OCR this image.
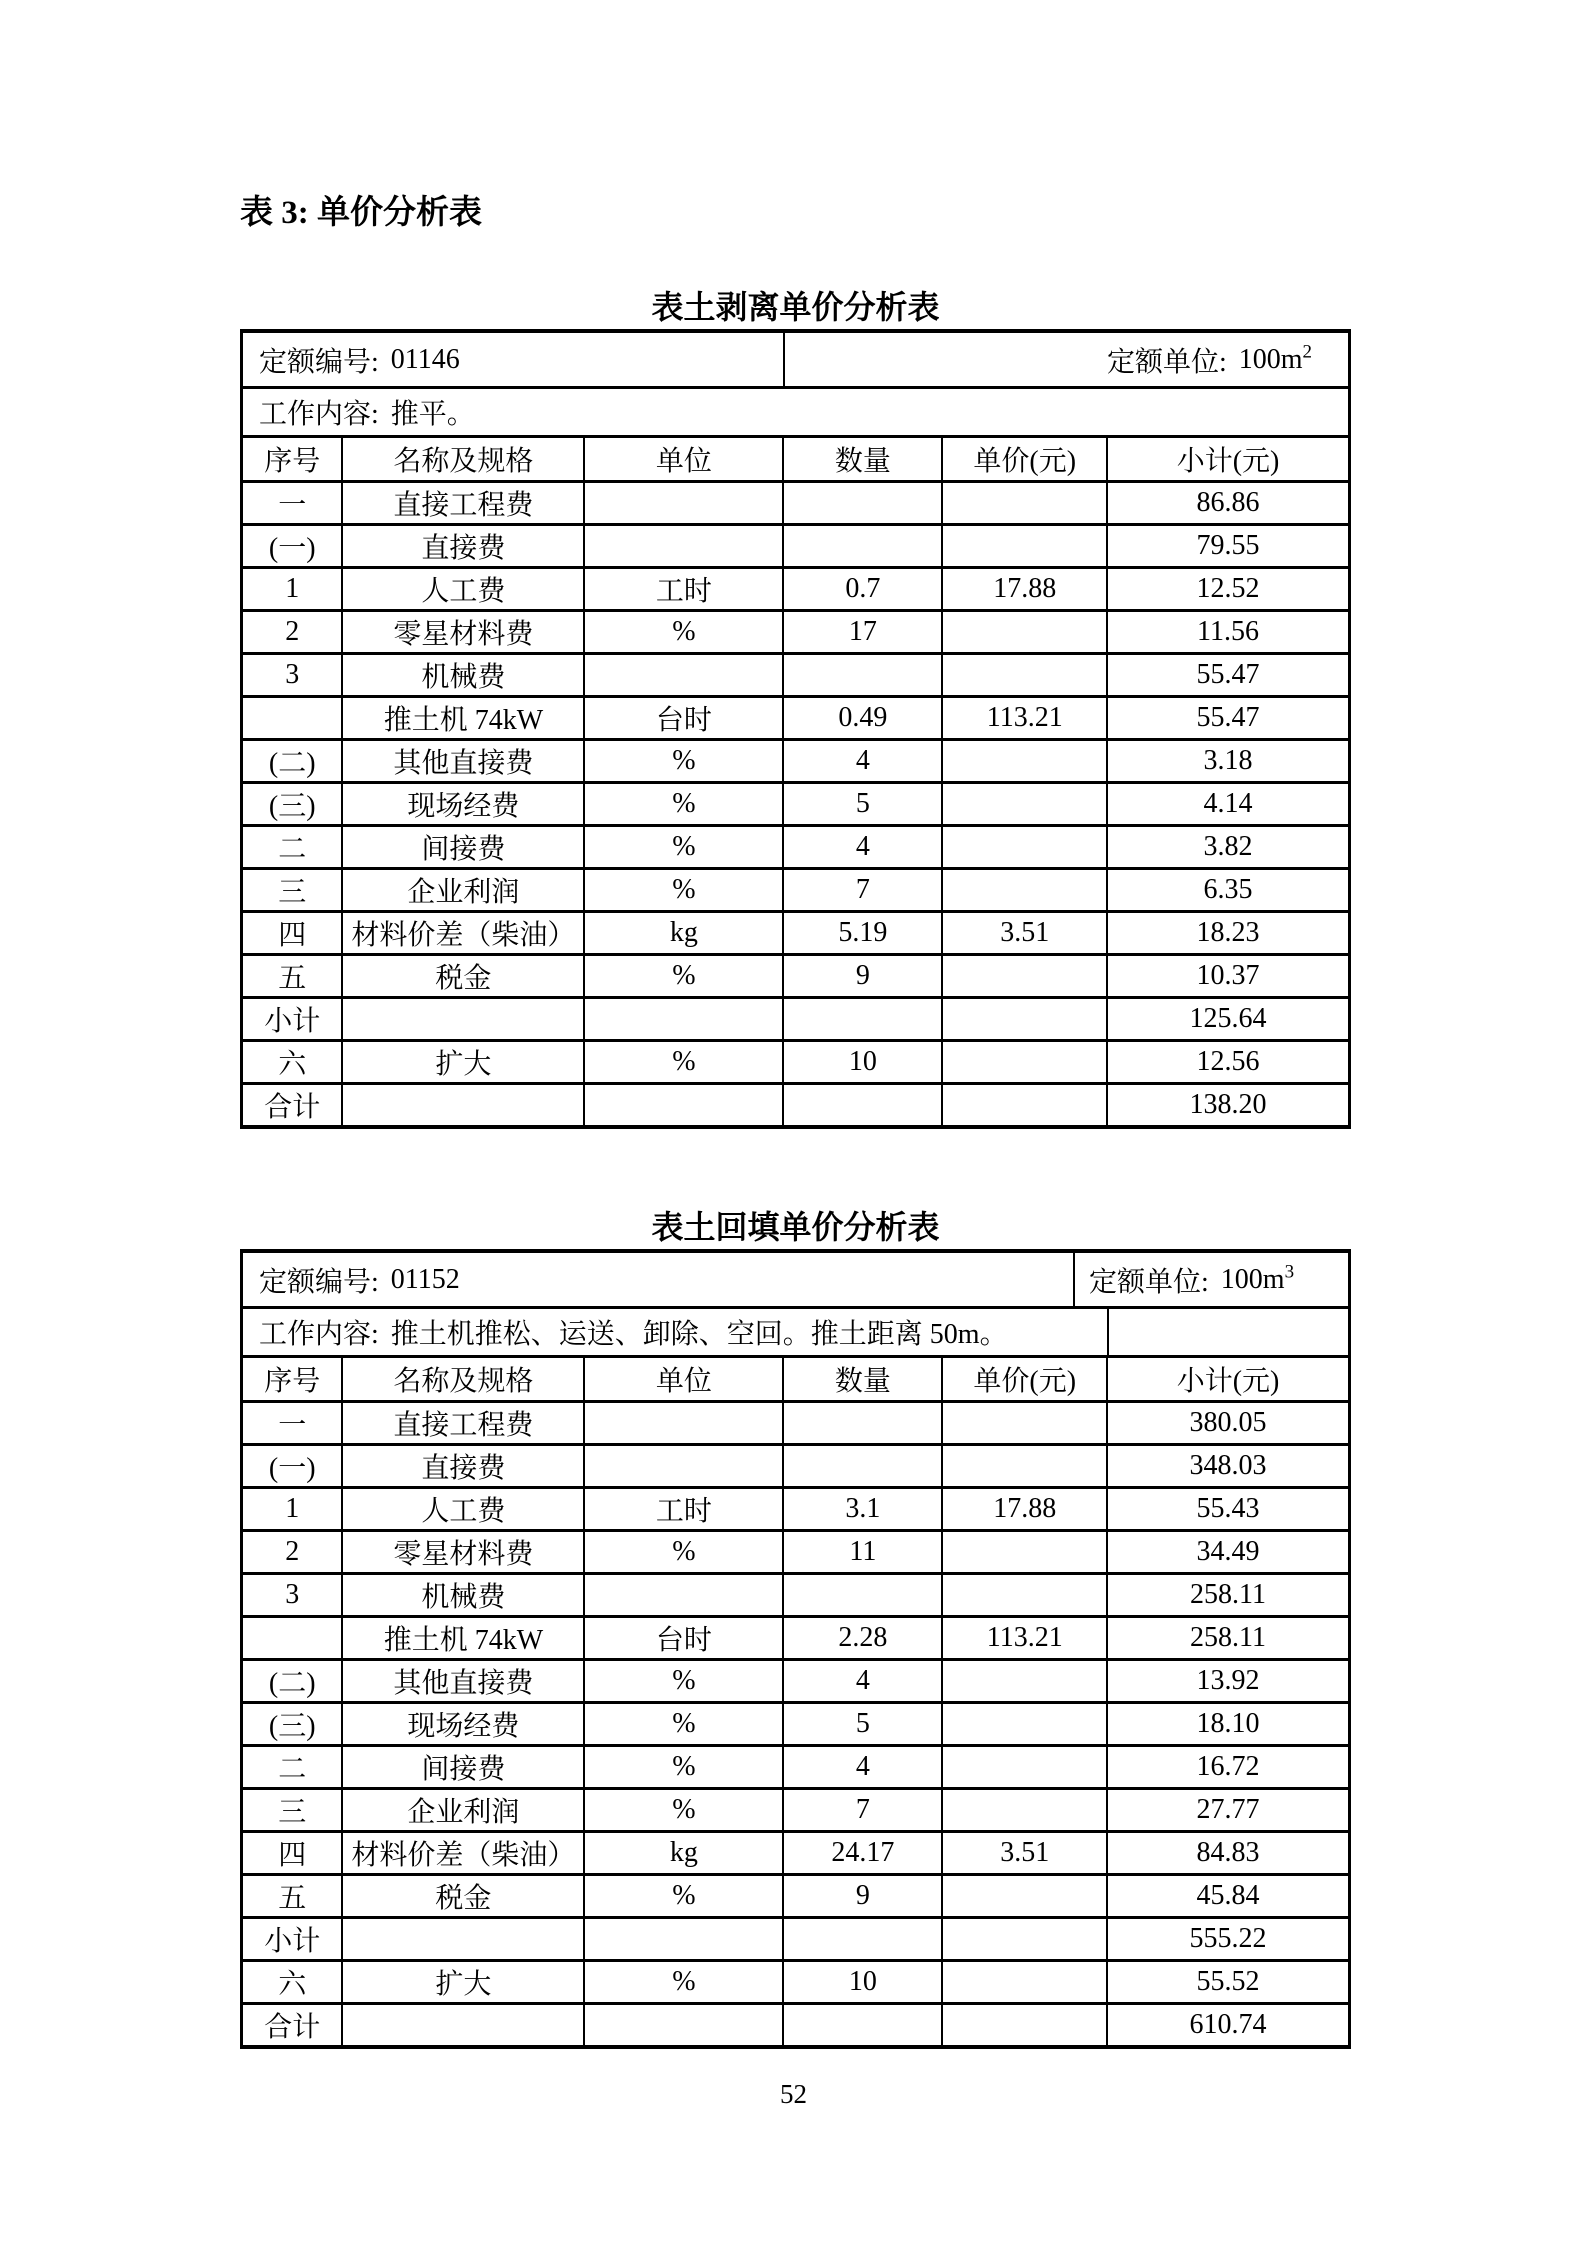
表 3: 单价分析表
表土剥离单价分析表
定额编号: 01146	定额单位: $100m^2$
工作内容: 推平。
序号	名称及规格	单位	数量	单价(元)	小计(元)
一	直接工程费				86.86
(一)	直接费				79.55
1	人工费	工时	0.7	17.88	12.52
2	零星材料费	%	17		11.56
3	机械费				55.47
	推土机 74kW	台时	0.49	113.21	55.47
(二)	其他直接费	%	4		3.18
(三)	现场经费	%	5		4.14
二	间接费	%	4		3.82
三	企业利润	%	7		6.35
四	材料价差（柴油）	kg	5.19	3.51	18.23
五	税金	%	9		10.37
小计					125.64
六	扩大	%	10		12.56
合计					138.20
表土回填单价分析表
定额编号: 01152	定额单位: $100m^3$
工作内容: 推土机推松、运送、卸除、空回。推土距离 50m。
序号	名称及规格	单位	数量	单价(元)	小计(元)
一	直接工程费				380.05
(一)	直接费				348.03
1	人工费	工时	3.1	17.88	55.43
2	零星材料费	%	11		34.49
3	机械费				258.11
	推土机 74kW	台时	2.28	113.21	258.11
(二)	其他直接费	%	4		13.92
(三)	现场经费	%	5		18.10
二	间接费	%	4		16.72
三	企业利润	%	7		27.77
四	材料价差（柴油）	kg	24.17	3.51	84.83
五	税金	%	9		45.84
小计					555.22
六	扩大	%	10		55.52
合计					610.74
52
